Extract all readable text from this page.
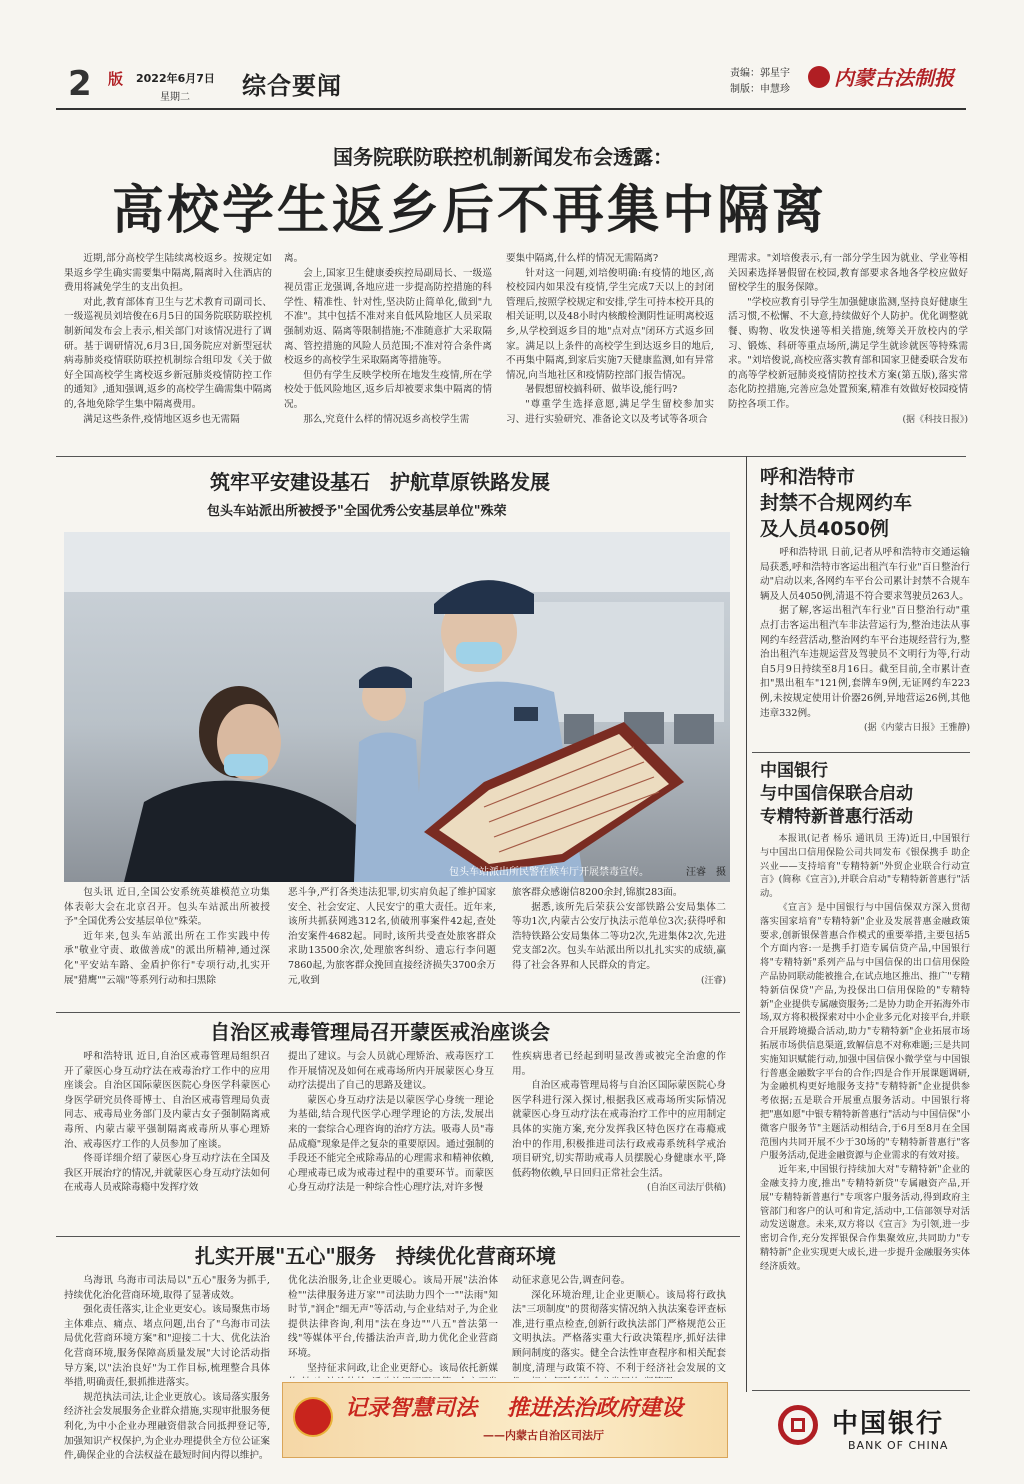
2 版 2022年6月7日
星期二 综合要闻	责编：郭星宇
制版：申慧珍 内蒙古法制报
国务院联防联控机制新闻发布会透露：
高校学生返乡后不再集中隔离

近期,部分高校学生陆续离校返乡。按规定如果返乡学生确实需要集中隔离,隔离时入住酒店的费用将减免学生的支出负担。

对此,教育部体育卫生与艺术教育司副司长、一级巡视员刘培俊在6月5日的国务院联防联控机制新闻发布会上表示,相关部门对该情况进行了调研。基于调研情况,6月3日,国务院应对新型冠状病毒肺炎疫情联防联控机制综合组印发《关于做好全国高校学生离校返乡新冠肺炎疫情防控工作的通知》,通知强调,返乡的高校学生确需集中隔离的,各地免除学生集中隔离费用。

满足这些条件,疫情地区返乡也无需隔

离。

会上,国家卫生健康委疾控局副局长、一级巡视员雷正龙强调,各地应进一步提高防控措施的科学性、精准性、针对性,坚决防止简单化,做到"九不准"。其中包括不准对来自低风险地区人员采取强制劝返、隔离等限制措施;不准随意扩大采取隔离、管控措施的风险人员范围;不准对符合条件离校返乡的高校学生采取隔离等措施等。

但仍有学生反映学校所在地发生疫情,所在学校处于低风险地区,返乡后却被要求集中隔离的情况。

那么,究竟什么样的情况返乡高校学生需

要集中隔离,什么样的情况无需隔离?

针对这一问题,刘培俊明确:有疫情的地区,高校校园内如果没有疫情,学生完成7天以上的封闭管理后,按照学校规定和安排,学生可持本校开具的相关证明,以及48小时内核酸检测阴性证明离校返乡,从学校到返乡目的地"点对点"闭环方式返乡回家。满足以上条件的高校学生到达返乡目的地后,不再集中隔离,到家后实施7天健康监测,如有异常情况,向当地社区和疫情防控部门报告情况。

暑假想留校搞科研、做毕设,能行吗?

"尊重学生选择意愿,满足学生留校参加实习、进行实验研究、准备论文以及考试等各项合

理需求。"刘培俊表示,有一部分学生因为就业、学业等相关因素选择暑假留在校园,教育部要求各地各学校应做好留校学生的服务保障。

"学校应教育引导学生加强健康监测,坚持良好健康生活习惯,不松懈、不大意,持续做好个人防护。优化调整就餐、购物、收发快递等相关措施,统筹关开放校内的学习、锻炼、科研等重点场所,满足学生就诊就医等特殊需求。"刘培俊说,高校应落实教育部和国家卫健委联合发布的高等学校新冠肺炎疫情防控技术方案(第五版),落实常态化防控措施,完善应急处置预案,精准有效做好校园疫情防控各项工作。

(据《科技日报》)

筑牢平安建设基石　护航草原铁路发展
包头车站派出所被授予"全国优秀公安基层单位"殊荣
包头车站派出所民警在候车厅开展禁毒宣传。	汪睿　摄

包头讯 近日,全国公安系统英雄模范立功集体表彰大会在北京召开。包头车站派出所被授予"全国优秀公安基层单位"殊荣。

近年来,包头车站派出所在工作实践中传承"敬业守责、敢做善成"的派出所精神,通过深化"平安站车路、金盾护你行"专项行动,扎实开展"猎鹰""云端"等系列行动和扫黑除

恶斗争,严打各类违法犯罪,切实肩负起了维护国家安全、社会安定、人民安宁的重大责任。近年来,该所共抓获网逃312名,侦破刑事案件42起,查处治安案件4682起。同时,该所共受查处旅客群众求助13500余次,处理旅客纠纷、遗忘行李问题7860起,为旅客群众挽回直接经济损失3700余万元,收到

旅客群众感谢信8200余封,锦旗283面。

据悉,该所先后荣获公安部铁路公安局集体二等功1次,内蒙古公安厅执法示范单位3次;获得呼和浩特铁路公安局集体二等功2次,先进集体2次,先进党支部2次。包头车站派出所以扎扎实实的成绩,赢得了社会各界和人民群众的肯定。

(汪睿)

自治区戒毒管理局召开蒙医戒治座谈会

呼和浩特讯 近日,自治区戒毒管理局组织召开了蒙医心身互动疗法在戒毒治疗工作中的应用座谈会。自治区国际蒙医医院心身医学科蒙医心身医学研究员佟哥博士、自治区戒毒管理局负责同志、戒毒局业务部门及内蒙古女子强制隔离戒毒所、内蒙古蒙平强制隔离戒毒所从事心理矫治、戒毒医疗工作的人员参加了座谈。

佟哥详细介绍了蒙医心身互动疗法在全国及我区开展治疗的情况,并就蒙医心身互动疗法如何在戒毒人员戒除毒瘾中发挥疗效

提出了建议。与会人员就心理矫治、戒毒医疗工作开展情况及如何在戒毒场所内开展蒙医心身互动疗法提出了自己的思路及建议。

蒙医心身互动疗法是以蒙医学心身统一理论为基础,结合现代医学心理学理论的方法,发展出来的一套综合心理咨询的治疗方法。吸毒人员"毒品成瘾"现象是伴之复杂的重要原因。通过强制的手段还不能完全戒除毒品的心理需求和精神依赖,心理戒毒已成为戒毒过程中的重要环节。而蒙医心身互动疗法是一种综合性心理疗法,对许多慢

性疾病患者已经起到明显改善或被完全治愈的作用。

自治区戒毒管理局将与自治区国际蒙医院心身医学科进行深入探讨,根据我区戒毒场所实际情况就蒙医心身互动疗法在戒毒治疗工作中的应用制定具体的实施方案,充分发挥我区特色医疗在毒瘾戒治中的作用,积极推进司法行政戒毒系统科学戒治项目研究,切实帮助戒毒人员摆脱心身健康水平,降低药物依赖,早日回归正常社会生活。

(自治区司法厅供稿)

扎实开展"五心"服务　持续优化营商环境

乌海讯 乌海市司法局以"五心"服务为抓手,持续优化治化营商环境,取得了显著成效。

强化责任落实,让企业更安心。该局聚焦市场主体难点、痛点、堵点问题,出台了"乌海市司法局优化营商环境方案"和"迎接二十大、优化法治化营商环境,服务保障高质量发展"大讨论活动指导方案,以"法治良好"为工作目标,梳理整合具体举措,明确责任,狠抓推进落实。

规范执法司法,让企业更放心。该局落实服务经济社会发展服务企业群众措施,实现审批服务便利化,为中小企业办理融资借款合同抵押登记等,加强知识产权保护,为企业办理提供全方位公证案件,确保企业的合法权益在最短时间内得以维护。

优化法治服务,让企业更暖心。该局开展"法治体检""法律服务进万家""司法助力四个一""法雨"知时节,"润企"细无声"等活动,与企业结对子,为企业提供法律咨询,利用"法在身边""八五"普法第一线"等媒体平台,传播法治声音,助力优化企业营商环境。

坚持征求问政,让企业更舒心。该局依托新媒

动征求意见公告,调查问卷。

深化环境治理,让企业更顺心。该局将行政执法"三项制度"的贯彻落实情况纳入执法案卷评查标准,进行重点检查,创新行政执法部门严格规范公正文明执法。严格落实重大行政决策程序,抓好法律顾问制度的落实。健全合法性审查程序和相关配套制度,清理与政策不符、不利于经济社会发展的文

记录智慧司法 推进法治政府建设
——内蒙古自治区司法厅
呼和浩特市
封禁不合规网约车
及人员4050例

呼和浩特讯 日前,记者从呼和浩特市交通运输局获悉,呼和浩特市客运出租汽车行业"百日整治行动"启动以来,各网约车平台公司累计封禁不合规车辆及人员4050例,清退不符合要求驾驶员263人。

据了解,客运出租汽车行业"百日整治行动"重点打击客运出租汽车非法营运行为,整治违法从事网约车经营活动,整治网约车平台违规经营行为,整治出租汽车违规运营及驾驶员不文明行为等,行动自5月9日持续至8月16日。截至目前,全市累计查扣"黑出租车"121例,套牌车9例,无证网约车223例,未按规定使用计价器26例,异地营运26例,其他违章332例。

(据《内蒙古日报》王雅静)

中国银行
与中国信保联合启动
专精特新普惠行活动

本报讯(记者 杨乐 通讯员 王涛)近日,中国银行与中国出口信用保险公司共同发布《银保携手 助企兴业——支持培育"专精特新"外贸企业联合行动宣言》(简称《宣言》),并联合启动"专精特新普惠行"活动。

《宣言》是中国银行与中国信保双方深入贯彻落实国家培育"专精特新"企业及发展普惠金融政策要求,创新银保普惠合作模式的重要举措,主要包括5个方面内容:一是携手打造专属信贷产品,中国银行将"专精特新"系列产品与中国信保的出口信用保险产品协同联动能被推合,在试点地区推出、推广"专精特新信保贷"产品,为投保出口信用保险的"专精特新"企业提供专属融资服务;二是协力助企开拓海外市场,双方将积极探索对中小企业多元化对接平台,并联合开展跨境撮合活动,助力"专精特新"企业拓展市场拓展市场供信息渠道,致解信息不对称难题;三是共同实施知识赋能行动,加强中国信保小微学堂与中国银行普惠金融数字平台的合作;四是合作开展课题调研,为金融机构更好地服务支持"专精特新"企业提供参考依据;五是联合开展重点服务活动。中国银行将把"惠如愿"中银专精特新普惠行"活动与中国信保"小微客户服务节"主题活动相结合,于6月至8月在全国范围内共同开展不少于30场的"专精特新普惠行"客户服务活动,促进金融资源与企业需求的有效对接。

近年来,中国银行持续加大对"专精特新"企业的金融支持力度,推出"专精特新贷"专属融资产品,开展"专精特新普惠行"专项客户服务活动,得到政府主管部门和客户的认可和肯定,活动中,工信部领导对活动发送谢意。未来,双方将以《宣言》为引领,进一步密切合作,充分发挥银保合作集聚效应,共同助力"专精特新"企业实现更大成长,进一步提升金融服务实体经济质效。

中国银行
BANK OF CHINA
